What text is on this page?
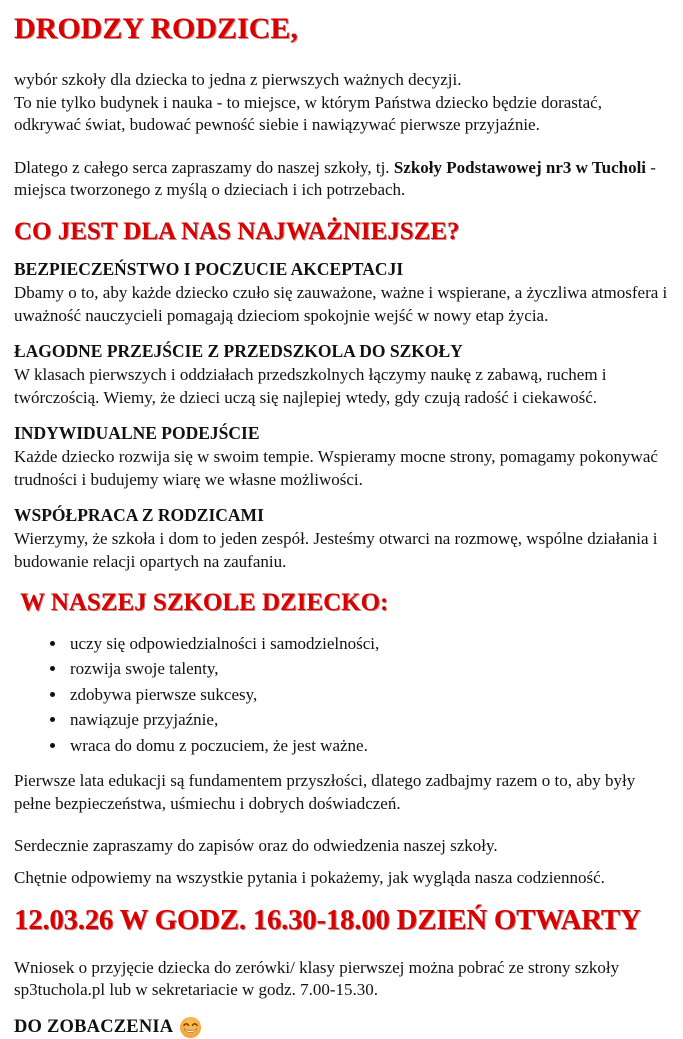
DRODZY RODZICE,

wybór szkoły dla dziecka to jedna z pierwszych ważnych decyzji.

To nie tylko budynek i nauka - to miejsce, w którym Państwa dziecko będzie dorastać, odkrywać świat, budować pewność siebie i nawiązywać pierwsze przyjaźnie.

Dlatego z całego serca zapraszamy do naszej szkoły, tj. Szkoły Podstawowej nr3 w Tucholi -miejsca tworzonego z myślą o dzieciach i ich potrzebach.

CO JEST DLA NAS NAJWAŻNIEJSZE?
BEZPIECZEŃSTWO I POCZUCIE AKCEPTACJI

Dbamy o to, aby każde dziecko czuło się zauważone, ważne i wspierane, a życzliwa atmosfera i uważność nauczycieli pomagają dzieciom spokojnie wejść w nowy etap życia.

ŁAGODNE PRZEJŚCIE Z PRZEDSZKOLA DO SZKOŁY

W klasach pierwszych i oddziałach przedszkolnych łączymy naukę z zabawą, ruchem i twórczością. Wiemy, że dzieci uczą się najlepiej wtedy, gdy czują radość i ciekawość.

INDYWIDUALNE PODEJŚCIE

Każde dziecko rozwija się w swoim tempie. Wspieramy mocne strony, pomagamy pokonywać trudności i budujemy wiarę we własne możliwości.

WSPÓŁPRACA Z RODZICAMI

Wierzymy, że szkoła i dom to jeden zespół. Jesteśmy otwarci na rozmowę, wspólne działania i budowanie relacji opartych na zaufaniu.

W NASZEJ SZKOLE DZIECKO:
• uczy się odpowiedzialności i samodzielności,
• rozwija swoje talenty,
• zdobywa pierwsze sukcesy,
• nawiązuje przyjaźnie,
• wraca do domu z poczuciem, że jest ważne.

Pierwsze lata edukacji są fundamentem przyszłości, dlatego zadbajmy razem o to, aby były pełne bezpieczeństwa, uśmiechu i dobrych doświadczeń.

Serdecznie zapraszamy do zapisów oraz do odwiedzenia naszej szkoły.

Chętnie odpowiemy na wszystkie pytania i pokażemy, jak wygląda nasza codzienność.

12.03.26 W GODZ. 16.30-18.00 DZIEŃ OTWARTY

Wniosek o przyjęcie dziecka do zerówki/ klasy pierwszej można pobrać ze strony szkoły sp3tuchola.pl lub w sekretariacie w godz. 7.00-15.30.

DO ZOBACZENIA
